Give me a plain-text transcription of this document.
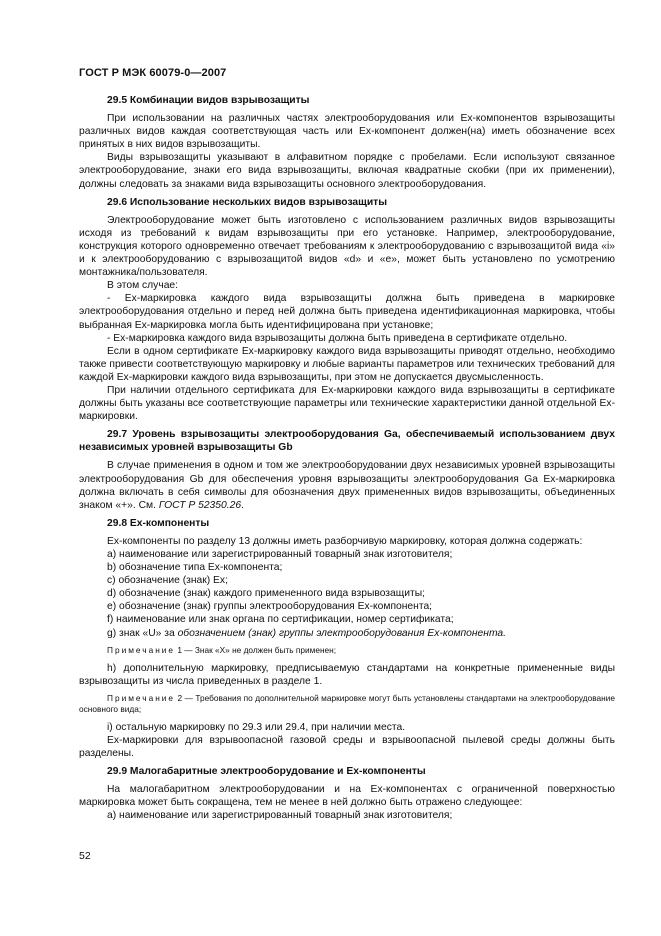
ГОСТ Р МЭК 60079-0—2007
29.5 Комбинации видов взрывозащиты
При использовании на различных частях электрооборудования или Ex-компонентов взрывозащиты различных видов каждая соответствующая часть или Ex-компонент должен(на) иметь обозначение всех принятых в них видов взрывозащиты.
Виды взрывозащиты указывают в алфавитном порядке с пробелами. Если используют связанное электрооборудование, знаки его вида взрывозащиты, включая квадратные скобки (при их применении), должны следовать за знаками вида взрывозащиты основного электрооборудования.
29.6 Использование нескольких видов взрывозащиты
Электрооборудование может быть изготовлено с использованием различных видов взрывозащиты исходя из требований к видам взрывозащиты при его установке. Например, электрооборудование, конструкция которого одновременно отвечает требованиям к электрооборудованию с взрывозащитой вида «i» и к электрооборудованию с взрывозащитой видов «d» и «e», может быть установлено по усмотрению монтажника/пользователя.
В этом случае:
- Ex-маркировка каждого вида взрывозащиты должна быть приведена в маркировке электрооборудования отдельно и перед ней должна быть приведена идентификационная маркировка, чтобы выбранная Ex-маркировка могла быть идентифицирована при установке;
- Ex-маркировка каждого вида взрывозащиты должна быть приведена в сертификате отдельно.
Если в одном сертификате Ex-маркировку каждого вида взрывозащиты приводят отдельно, необходимо также привести соответствующую маркировку и любые варианты параметров или технических требований для каждой Ex-маркировки каждого вида взрывозащиты, при этом не допускается двусмысленность.
При наличии отдельного сертификата для Ex-маркировки каждого вида взрывозащиты в сертификате должны быть указаны все соответствующие параметры или технические характеристики данной отдельной Ex-маркировки.
29.7 Уровень взрывозащиты электрооборудования Ga, обеспечиваемый использованием двух независимых уровней взрывозащиты Gb
В случае применения в одном и том же электрооборудовании двух независимых уровней взрывозащиты электрооборудования Gb для обеспечения уровня взрывозащиты электрооборудования Ga Ex-маркировка должна включать в себя символы для обозначения двух примененных видов взрывозащиты, объединенных знаком «+». См. ГОСТ Р 52350.26.
29.8 Ex-компоненты
Ex-компоненты по разделу 13 должны иметь разборчивую маркировку, которая должна содержать:
a) наименование или зарегистрированный товарный знак изготовителя;
b) обозначение типа Ex-компонента;
c) обозначение (знак) Ex;
d) обозначение (знак) каждого примененного вида взрывозащиты;
e) обозначение (знак) группы электрооборудования Ex-компонента;
f) наименование или знак органа по сертификации, номер сертификата;
g) знак «U» за обозначением (знак) группы электрооборудования Ex-компонента.
Примечание 1 — Знак «X» не должен быть применен;
h) дополнительную маркировку, предписываемую стандартами на конкретные примененные виды взрывозащиты из числа приведенных в разделе 1.
Примечание 2 — Требования по дополнительной маркировке могут быть установлены стандартами на электрооборудование основного вида;
i) остальную маркировку по 29.3 или 29.4, при наличии места.
Ex-маркировки для взрывоопасной газовой среды и взрывоопасной пылевой среды должны быть разделены.
29.9 Малогабаритные электрооборудование и Ex-компоненты
На малогабаритном электрооборудовании и на Ex-компонентах с ограниченной поверхностью маркировка может быть сокращена, тем не менее в ней должно быть отражено следующее:
a) наименование или зарегистрированный товарный знак изготовителя;
52
